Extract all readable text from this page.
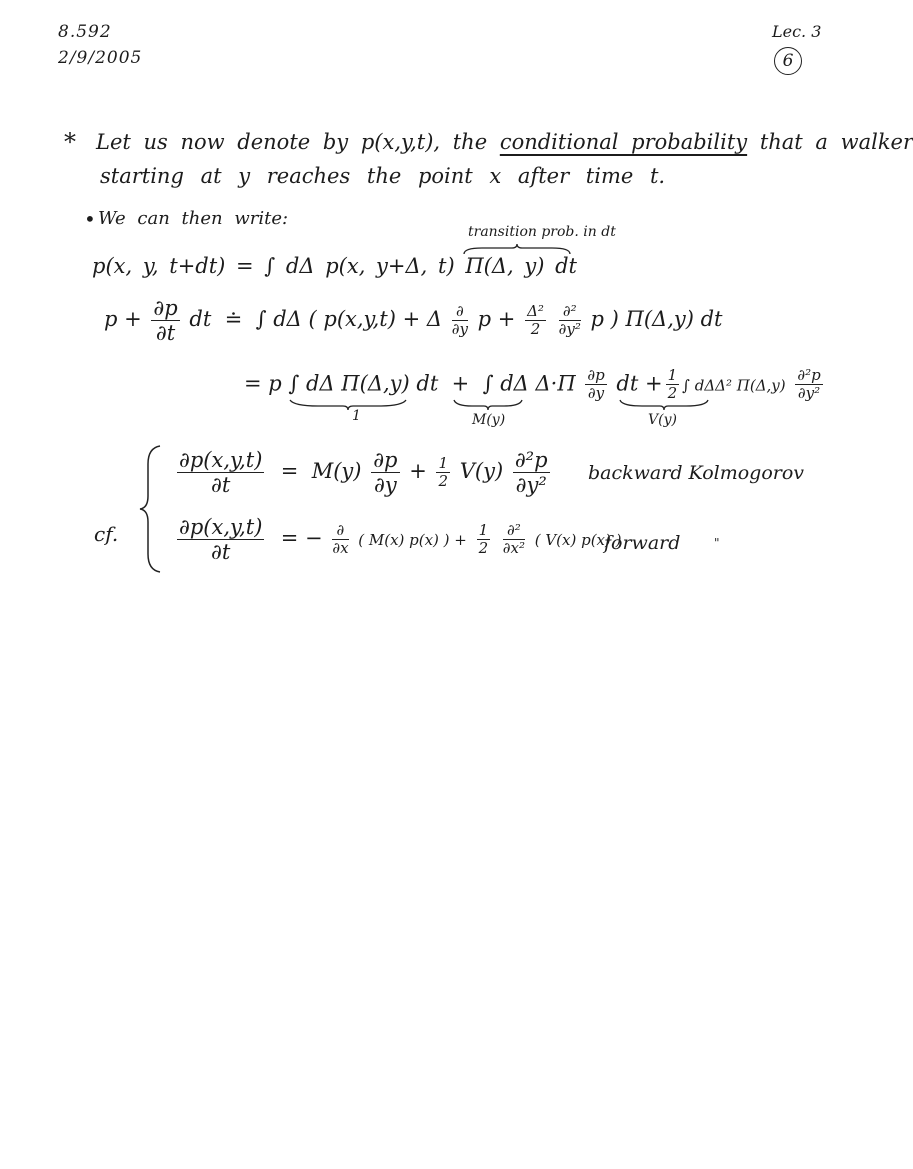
8.592
2/9/2005
Lec. 3
6
* Let us now denote by p(x,y,t), the conditional probability that a walker
starting at y reaches the point x after time t.
• We can then write:
transition prob. in dt
p(x, y, t+dt) = ∫ dΔ p(x, y+Δ, t) Π(Δ, y) dt
$p + \frac{\partial p}{\partial t}$ dt ≐ ∫ dΔ ( p(x,y,t) + Δ $\frac{\partial}{\partial y}$ $p + \frac{\text{Δ²}}{2}$
$\frac{\text{∂²}}{\text{∂y²}}$ p ) Π(Δ,y) dt
= p ∫ dΔ Π(Δ,y) dt + ∫ dΔ $\Delta\cdot\Pi \frac{\partial p}{\partial y}$ dt + $\frac{1}{2}$ ∫ dΔΔ² $\Pi(\Delta,y) \frac{\text{∂²p}}{\text{∂y²}}$
1	M(y)	V(y)
$\frac{\partial p(x,y,t)}{\partial t} = M(y) \frac{\partial p}{\partial y} + \frac{1}{2} V(y) \frac{\text{∂²p}}{\text{∂y²}}$ backward Kolmogorov
cf.	$\frac{\partial p(x,y,t)}{\partial t}$ = − $\frac{\partial}{\partial x}$ ( M(x) p(x) ) + $\frac{1}{2}$
$\frac{\text{∂²}}{\text{∂x²}}$ ( V(x) p(x) )
forward	"
